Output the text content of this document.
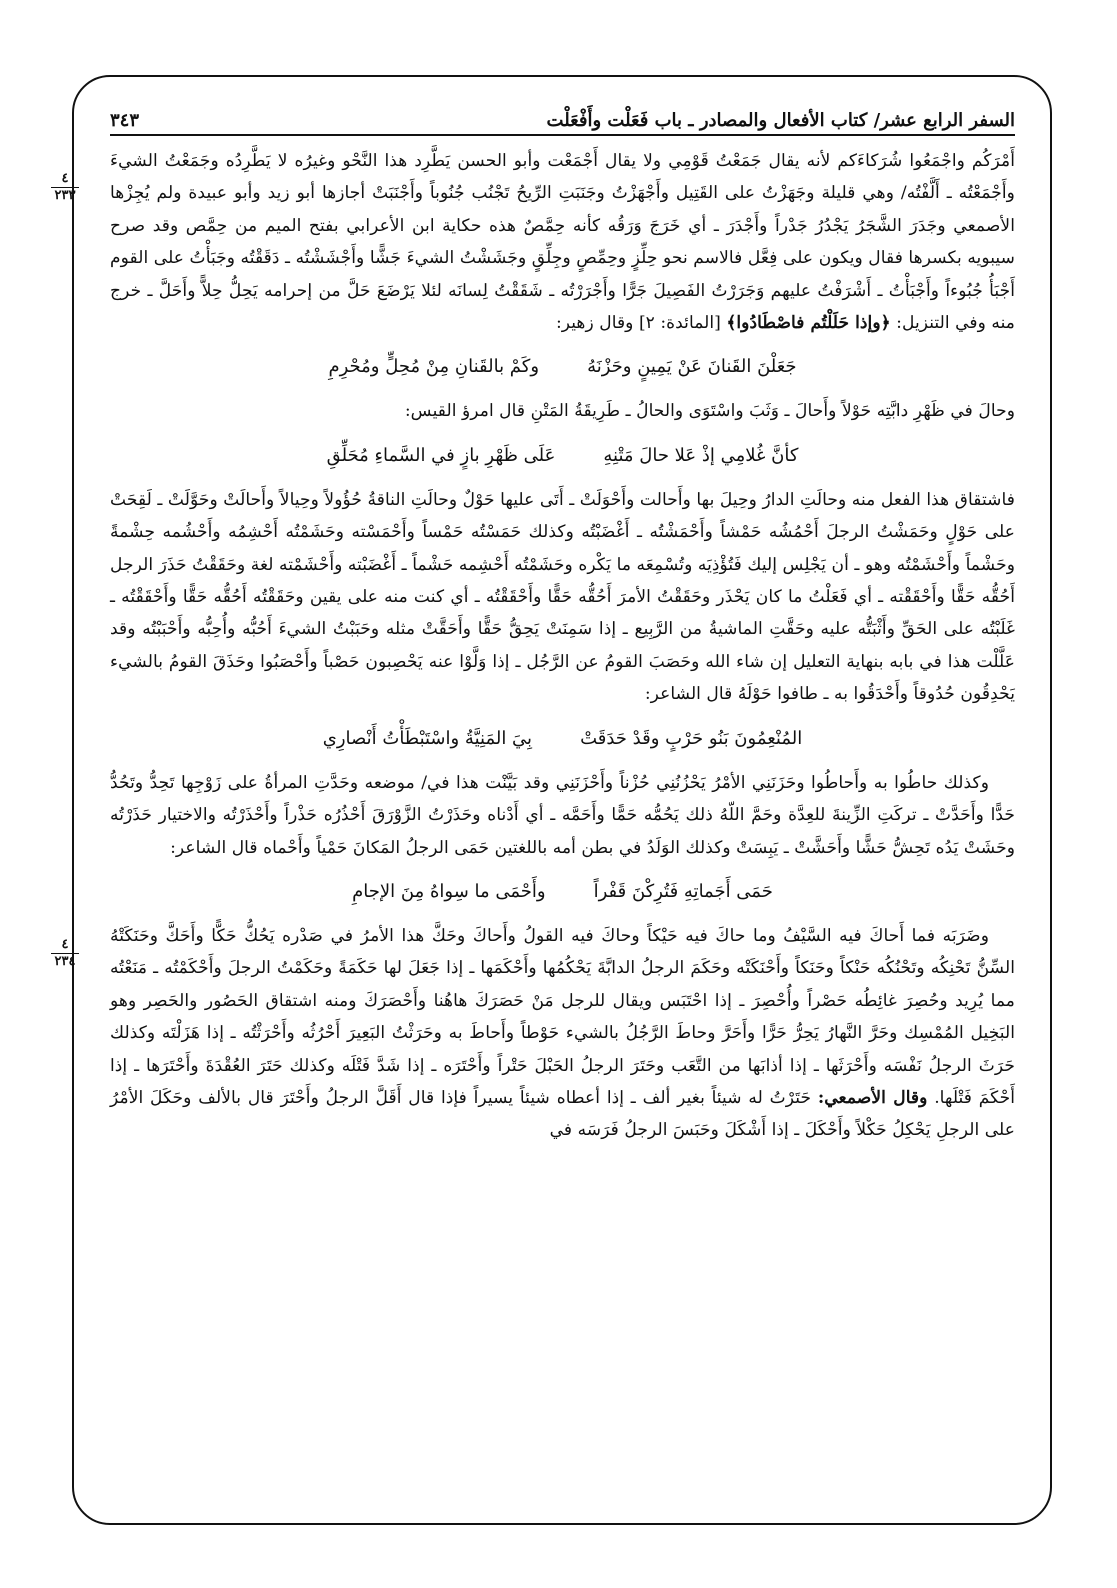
السفر الرابع عشر/ كتاب الأفعال والمصادر ـ باب فَعَلْت وأَفْعَلْت
٣٤٣
٤
٢٣٣
٤
٢٣٤

أَمْرَكُم واجْمَعُوا شُرَكاءَكم لأنه يقال جَمَعْتُ قَوْمِي ولا يقال أَجْمَعْت وأبو الحسن يَطَّرِد هذا النَّحْو وغيرُه لا يَطَّرِدُه وجَمَعْتُ الشيءَ وأَجْمَعْتُه ـ أَلَّفْتُه/ وهي قليلة وجَهَزْتُ على القَتِيل وأَجْهَزْتُ وجَنَبَتِ الرِّيحُ تَجْنُب جُنُوباً وأَجْنَبَتْ أجازها أبو زيد وأبو عبيدة ولم يُجِزْها الأصمعي وجَدَرَ الشَّجَرُ يَجْدُرُ جَدْراً وأَجْدَرَ ـ أي خَرَجَ وَرَقُه كأنه حِمَّصٌ هذه حكاية ابن الأعرابي بفتح الميم من حِمَّص وقد صرح سيبويه بكسرها فقال ويكون على فِعَّل فالاسم نحو حِلِّزٍ وحِمِّصٍ وجِلِّقٍ وجَشَشْتُ الشيءَ جَشًّا وأَجْشَشْتُه ـ دَقَقْتُه وجَبَأْتُ على القوم أَجْبَأُ جُبُوءاً وأَجْبَأْتُ ـ أَشْرَفْتُ عليهم وَجَرَرْتُ الفَصِيلَ جَرًّا وأَجْرَرْتُه ـ شَقَقْتُ لِسانَه لئلا يَرْضَعَ حَلَّ من إحرامه يَحِلُّ حِلاًّ وأَحَلَّ ـ خرج منه وفي التنزيل: ﴿وإذا حَلَلْتُم فاصْطَادُوا﴾ [المائدة: ٢] وقال زهير:

جَعَلْنَ القَنانَ عَنْ يَمِينٍ وحَزْنَهُ
وكَمْ بالقَنانِ مِنْ مُحِلٍّ ومُحْرِمِ

وحالَ في ظَهْرِ دابَّتِه حَوْلاً وأَحالَ ـ وَثَبَ واسْتَوَى والحالُ ـ طَرِيقَةُ المَتْنِ قال امرؤ القيس:

كأنَّ غُلامِي إذْ عَلا حالَ مَتْنِهِ
عَلَى ظَهْرِ بازٍ في السَّماءِ مُحَلِّقِ

فاشتقاق هذا الفعل منه وحالَتِ الدارُ وحِيلَ بها وأَحالت وأَحْوَلَتْ ـ أَتَى عليها حَوْلٌ وحالَتِ الناقةُ حُؤُولاً وحِيالاً وأَحالَتْ وحَوَّلَتْ ـ لَقِحَتْ على حَوْلٍ وحَمَشْتُ الرجلَ أَحْمُشُه حَمْشاً وأَحْمَشْتُه ـ أَغْضَبْتُه وكذلك حَمَسْتُه حَمْساً وأَحْمَسْته وحَشَمْتُه أَحْشِمُه وأَحْشُمه حِشْمةً وحَشْماً وأَحْشَمْتُه وهو ـ أن يَجْلِس إليك فَتُؤْذِيَه وتُسْمِعَه ما يَكْره وحَشَمْتُه أَحْشِمه حَشْماً ـ أَغْضَبْته وأَحْشَمْته لغة وحَقَقْتُ حَذَرَ الرجل أَحُقُّه حَقًّا وأَحْقَقْته ـ أي فَعَلْتُ ما كان يَحْذَر وحَقَقْتُ الأمرَ أَحُقُّه حَقًّا وأَحْقَقْتُه ـ أي كنت منه على يقين وحَقَقْتُه أَحُقُّه حَقًّا وأَحْقَقْتُه ـ غَلَبْتُه على الحَقِّ وأَثْبَتُّه عليه وحَقَّتِ الماشيةُ من الرَّبِيع ـ إذا سَمِنَتْ يَحِقُّ حَقًّا وأَحَقَّتْ مثله وحَبَبْتُ الشيءَ أَحُبُّه وأُحِبُّه وأَحْبَبْتُه وقد عَلَّلْت هذا في بابه بنهاية التعليل إن شاء الله وحَصَبَ القومُ عن الرَّجُل ـ إذا وَلَّوْا عنه يَحْصِبون حَصْباً وأَحْصَبُوا وحَذَقَ القومُ بالشيء يَحْدِقُون حُدُوقاً وأَحْدَقُوا به ـ طافوا حَوْلَهُ قال الشاعر:

المُنْعِمُونَ بَنُو حَرْبٍ وقَدْ حَدَقَتْ
بِيَ المَنِيَّةُ واسْتَبْطَأْتُ أَنْصارِي

وكذلك حاطُوا به وأَحاطُوا وحَزَنَنِي الأمْرُ يَحْزُنُنِي حُزْناً وأَحْزَنَنِي وقد بَيَّنْت هذا في/ موضعه وحَدَّتِ المرأةُ على زَوْجِها تَحِدُّ وتَحُدُّ حَدًّا وأَحَدَّتْ ـ تركَتِ الزِّينةَ للعِدَّة وحَمَّ اللّهُ ذلك يَحُمُّه حَمًّا وأَحَمَّه ـ أي أَدْناه وحَذَرْتُ الزَّوْرَقَ أَحْذُرُه حَذْراً وأَحْذَرْتُه والاختيار حَذَرْتُه وحَشَتْ يَدُه تَحِشُّ حَشًّا وأَحَشَّتْ ـ يَبِسَتْ وكذلك الوَلَدُ في بطن أمه باللغتين حَمَى الرجلُ المَكانَ حَمْياً وأَحْماه قال الشاعر:

حَمَى أَجَماتِهِ فَتُرِكْنَ قَفْراً
وأَحْمَى ما سِواهُ مِنَ الإجامِ

وضَرَبَه فما أَحاكَ فيه السَّيْفُ وما حاكَ فيه حَيْكاً وحاكَ فيه القولُ وأَحاكَ وحَكَّ هذا الأمرُ في صَدْره يَحُكُّ حَكًّا وأَحَكَّ وحَنَكَتْهُ السِّنُّ تَحْنِكُه وتَحْنُكُه حَنْكاً وحَنَكاً وأَحْنَكَتْه وحَكَمَ الرجلُ الدابَّةَ يَحْكُمُها وأَحْكَمَها ـ إذا جَعَلَ لها حَكَمَةً وحَكَمْتُ الرجلَ وأَحْكَمْتُه ـ مَنَعْتُه مما يُرِيد وحُصِرَ غائِطُه حَصْراً وأُحْصِرَ ـ إذا احْتَبَس ويقال للرجل مَنْ حَصَرَكَ هاهُنا وأَحْصَرَكَ ومنه اشتقاق الحَصُور والحَصِر وهو البَخِيل المُمْسِك وحَرَّ النَّهارُ يَحِرُّ حَرًّا وأَحَرَّ وحاطَ الرَّجُلُ بالشيء حَوْطاً وأَحاطَ به وحَرَثْتُ البَعِيرَ أَحْرُثُه وأَحْرَثْتُه ـ إذا هَزَلْتَه وكذلك حَرَثَ الرجلُ نَفْسَه وأَحْرَثَها ـ إذا أذابَها من التَّعَب وحَتَرَ الرجلُ الحَبْلَ حَتْراً وأَحْتَرَه ـ إذا شَدَّ فَتْلَه وكذلك حَتَرَ العُقْدَةَ وأَحْتَرَها ـ إذا أَحْكَمَ فَتْلَها. وقال الأصمعي: حَتَرْتُ له شيئاً بغير ألف ـ إذا أعطاه شيئاً يسيراً فإذا قال أَقَلَّ الرجلُ وأَحْتَرَ قال بالألف وحَكَلَ الأمْرُ على الرجلِ يَحْكِلُ حَكْلاً وأَحْكَلَ ـ إذا أَشْكَلَ وحَبَسَ الرجلُ فَرَسَه في
